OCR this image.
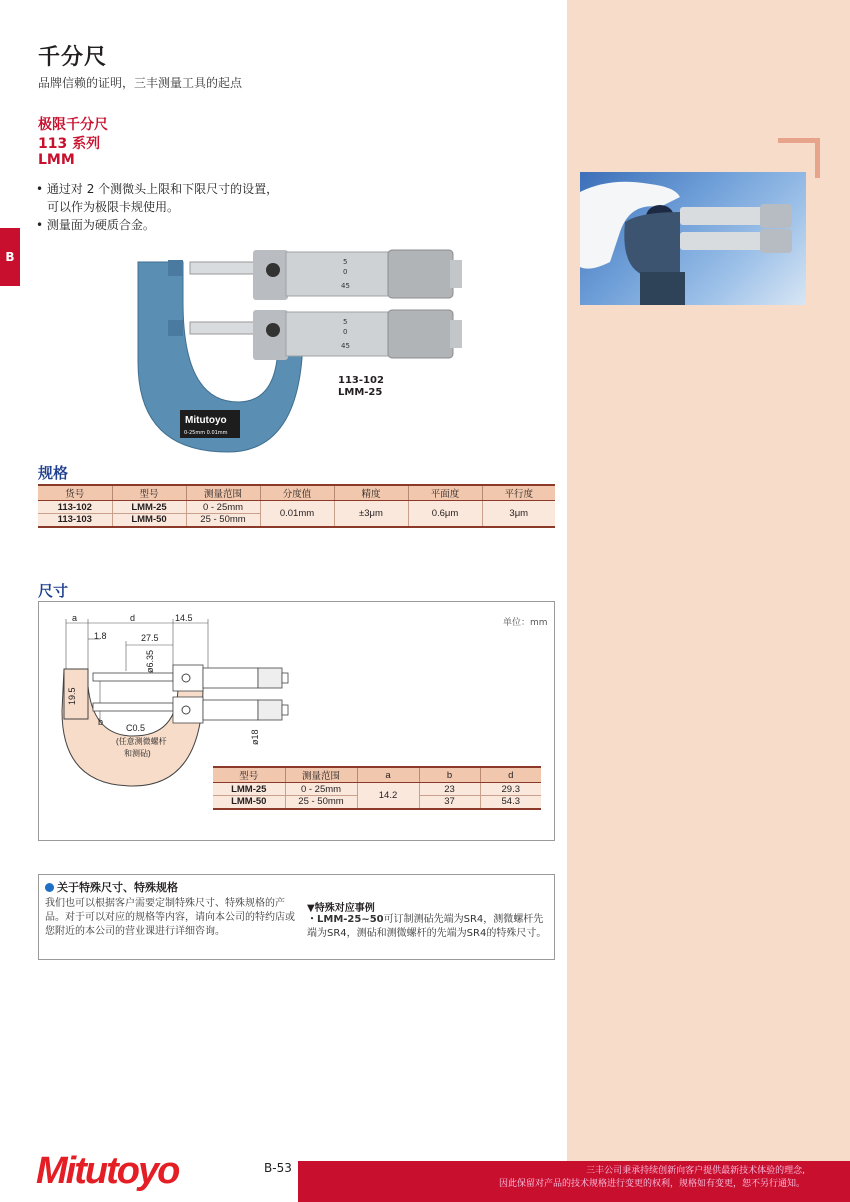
B
千分尺
品牌信赖的证明，三丰测量工具的起点
极限千分尺
113 系列
LMM
• 通过对 2 个测微头上限和下限尺寸的设置，
可以作为极限卡规使用。
• 测量面为硬质合金。
5
0
45
5
0
45
Mitutoyo
0-25mm 0.01mm
113-102
LMM-25
规格
货号	型号	测量范围	分度值	精度	平面度	平行度
113-102	LMM-25	0 - 25mm	0.01mm	±3μm	0.6μm	3μm
113-103	LMM-50	25 - 50mm				
尺寸
单位：mm
a	d	14.5
1.8	27.5
ø6.35
19.5
b
C0.5
(任意测微螺杆
和测砧)
ø18
型号	测量范围	a	b	d
LMM-25	0 - 25mm	14.2	23	29.3
LMM-50	25 - 50mm		37	54.3
关于特殊尺寸、特殊规格
我们也可以根据客户需要定制特殊尺寸、特殊规格的产品。对于可以对应的规格等内容，请向本公司的特约店或您附近的本公司的营业课进行详细咨询。
▼特殊对应事例
・LMM-25~50可订制测砧先端为SR4，测微螺杆先端为SR4，测砧和测微螺杆的先端为SR4的特殊尺寸。
Mitutoyo	B-53	三丰公司秉承持续创新向客户提供最新技术体验的理念,
因此保留对产品的技术规格进行变更的权利，规格如有变更，恕不另行通知。
